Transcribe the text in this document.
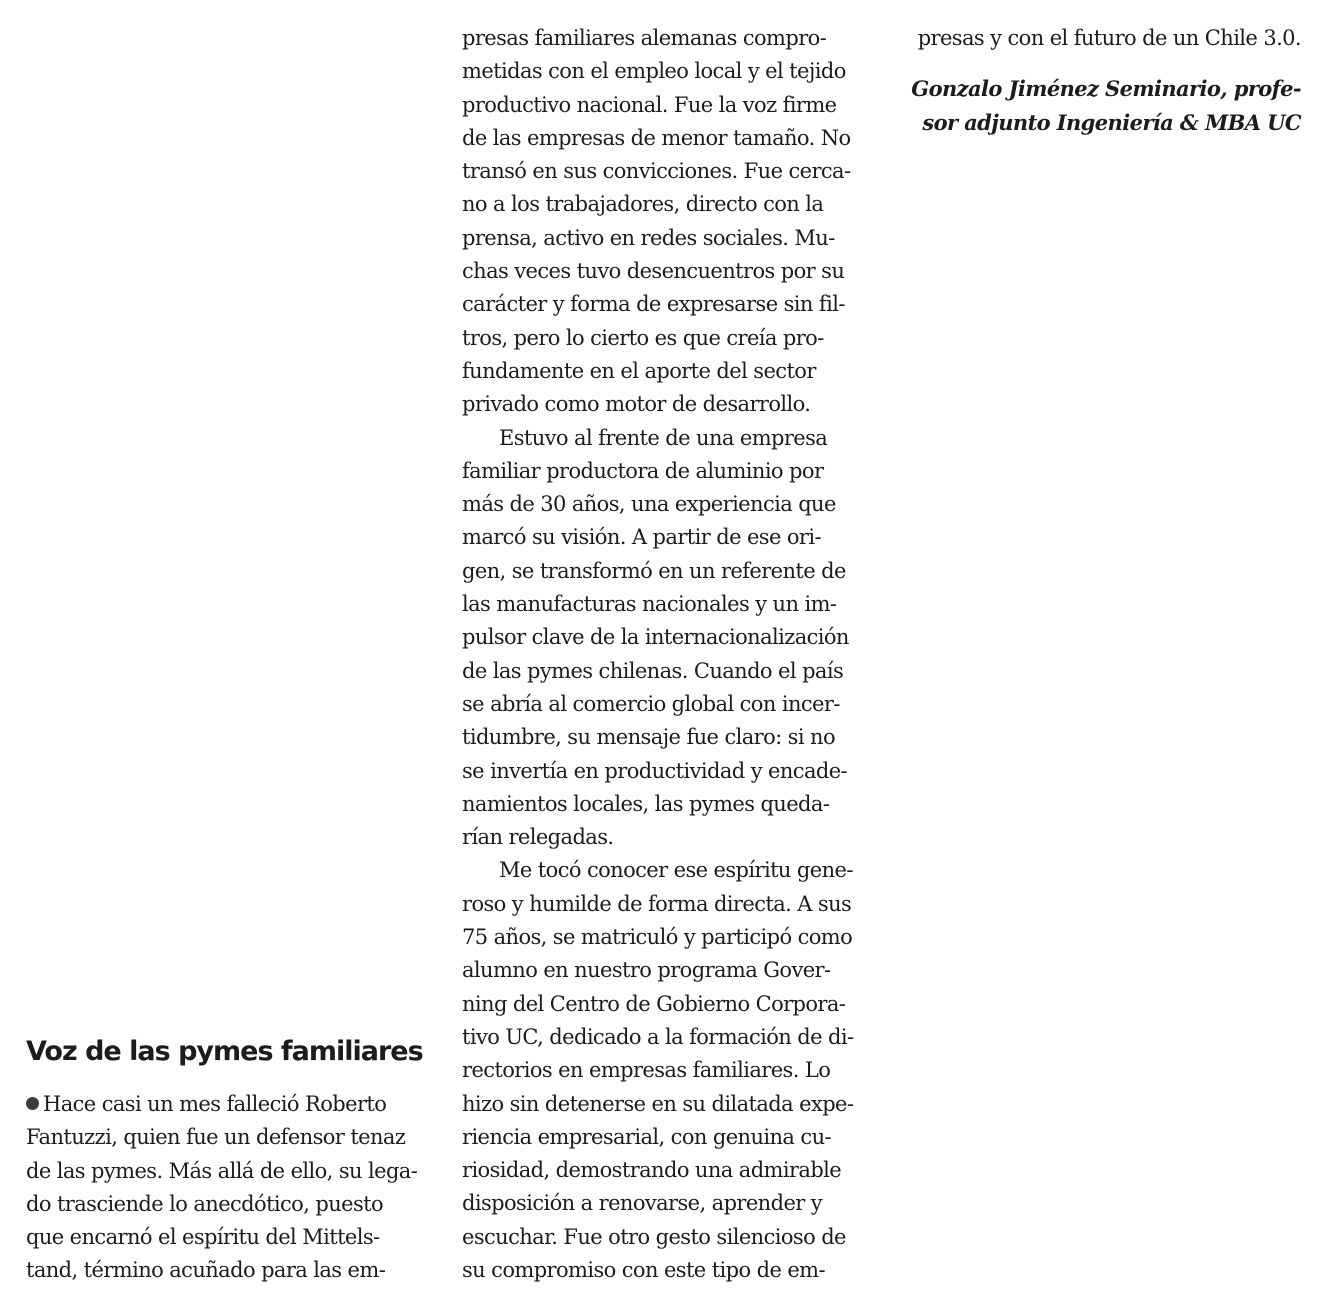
Voz de las pymes familiares
Hace casi un mes falleció Roberto
Fantuzzi, quien fue un defensor tenaz
de las pymes. Más allá de ello, su lega-
do trasciende lo anecdótico, puesto
que encarnó el espíritu del Mittels-
tand, término acuñado para las em-
presas familiares alemanas compro-
metidas con el empleo local y el tejido
productivo nacional. Fue la voz firme
de las empresas de menor tamaño. No
transó en sus convicciones. Fue cerca-
no a los trabajadores, directo con la
prensa, activo en redes sociales. Mu-
chas veces tuvo desencuentros por su
carácter y forma de expresarse sin fil-
tros, pero lo cierto es que creía pro-
fundamente en el aporte del sector
privado como motor de desarrollo.
Estuvo al frente de una empresa
familiar productora de aluminio por
más de 30 años, una experiencia que
marcó su visión. A partir de ese ori-
gen, se transformó en un referente de
las manufacturas nacionales y un im-
pulsor clave de la internacionalización
de las pymes chilenas. Cuando el país
se abría al comercio global con incer-
tidumbre, su mensaje fue claro: si no
se invertía en productividad y encade-
namientos locales, las pymes queda-
rían relegadas.
Me tocó conocer ese espíritu gene-
roso y humilde de forma directa. A sus
75 años, se matriculó y participó como
alumno en nuestro programa Gover-
ning del Centro de Gobierno Corpora-
tivo UC, dedicado a la formación de di-
rectorios en empresas familiares. Lo
hizo sin detenerse en su dilatada expe-
riencia empresarial, con genuina cu-
riosidad, demostrando una admirable
disposición a renovarse, aprender y
escuchar. Fue otro gesto silencioso de
su compromiso con este tipo de em-
presas y con el futuro de un Chile 3.0.
Gonzalo Jiménez Seminario, profe-
sor adjunto Ingeniería & MBA UC
